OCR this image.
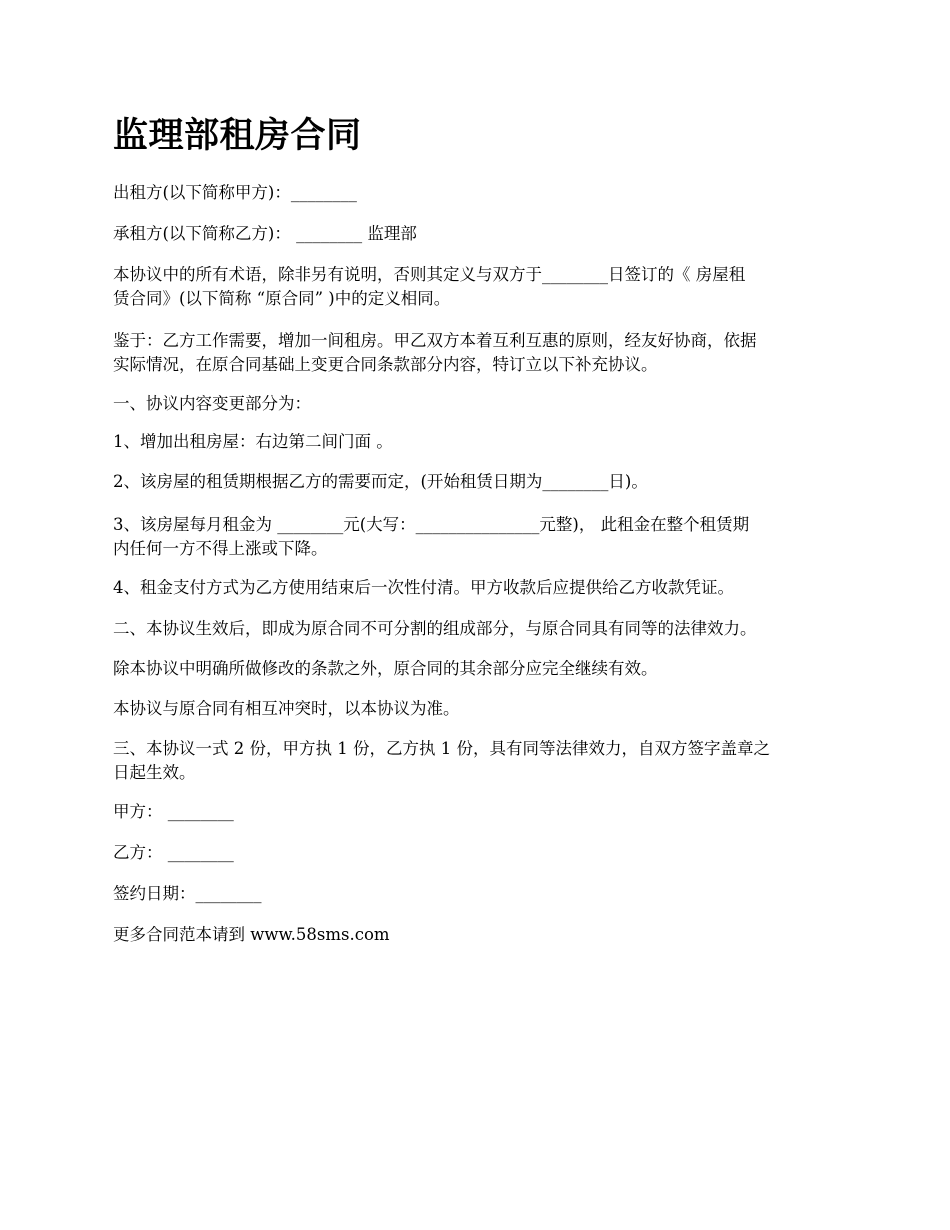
监理部租房合同

出租方(以下简称甲方)：________

承租方(以下简称乙方)： ________ 监理部

本协议中的所有术语，除非另有说明，否则其定义与双方于________日签订的《 房屋租
赁合同》(以下简称 “原合同” )中的定义相同。

鉴于：乙方工作需要，增加一间租房。甲乙双方本着互利互惠的原则，经友好协商，依据
实际情况，在原合同基础上变更合同条款部分内容，特订立以下补充协议。

一、协议内容变更部分为：

1、增加出租房屋：右边第二间门面 。

2、该房屋的租赁期根据乙方的需要而定，(开始租赁日期为________日)。

3、该房屋每月租金为 ________元(大写：_______________元整)， 此租金在整个租赁期
内任何一方不得上涨或下降。

4、租金支付方式为乙方使用结束后一次性付清。甲方收款后应提供给乙方收款凭证。

二、本协议生效后，即成为原合同不可分割的组成部分，与原合同具有同等的法律效力。

除本协议中明确所做修改的条款之外，原合同的其余部分应完全继续有效。

本协议与原合同有相互冲突时，以本协议为准。

三、本协议一式 2 份，甲方执 1 份，乙方执 1 份，具有同等法律效力，自双方签字盖章之
日起生效。

甲方： ________

乙方： ________

签约日期：________

更多合同范本请到 www.58sms.com
